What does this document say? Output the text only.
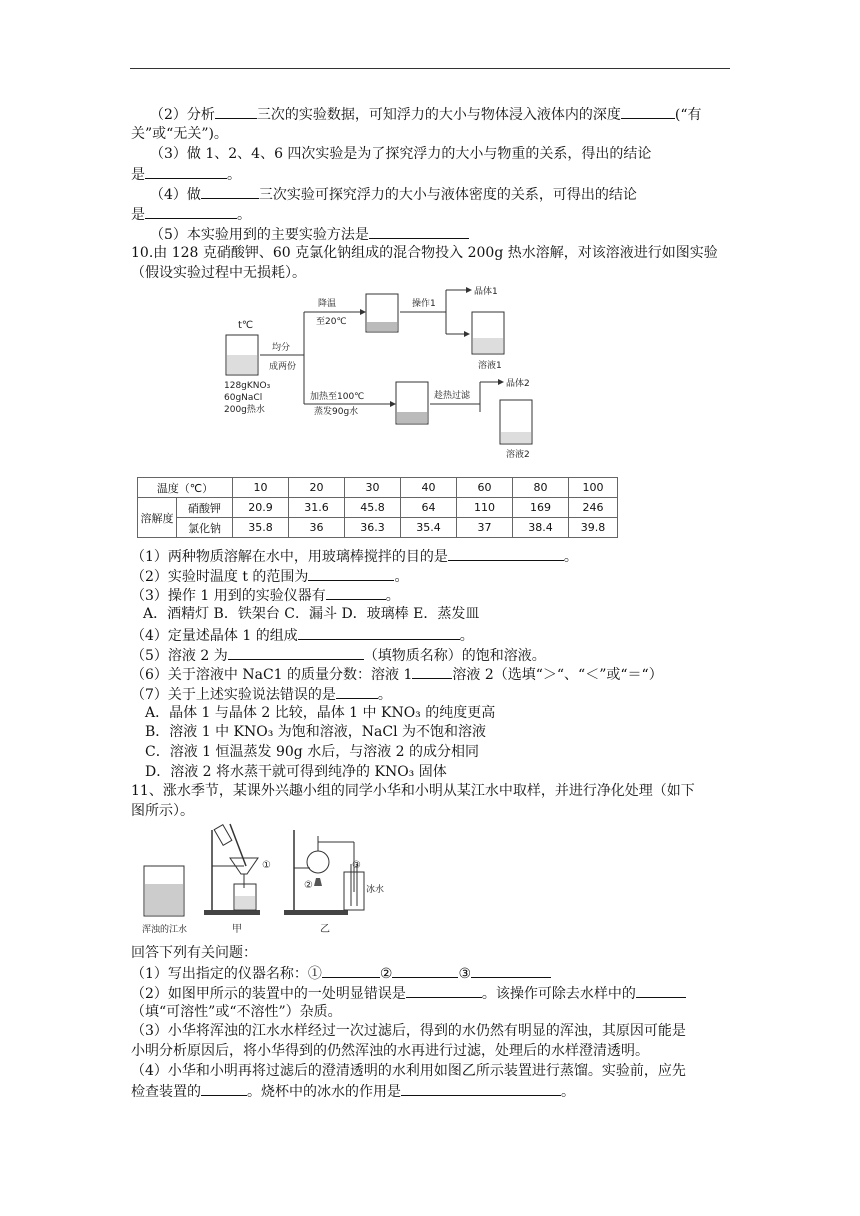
（2）分析	三次的实验数据，可知浮力的大小与物体浸入液体内的深度	(“有
关”或“无关”)。
（3）做 1、2、4、6 四次实验是为了探究浮力的大小与物重的关系，得出的结论
是	。
（4）做	三次实验可探究浮力的大小与液体密度的关系，可得出的结论
是	。
（5）本实验用到的主要实验方法是
10.由 128 克硝酸钾、60 克氯化钠组成的混合物投入 200g 热水溶解，对该溶液进行如图实验
（假设实验过程中无损耗）。
t℃
128gKNO₃
60gNaCl
200g热水
均分
成两份
降温
至20℃
操作1
晶体1
溶液1
加热至100℃
蒸发90g水
趁热过滤
晶体2
溶液2
温度（℃）		10	20	30	40	60	80	100
溶解度	硝酸钾	20.9	31.6	45.8	64	110	169	246
	氯化钠	35.8	36	36.3	35.4	37	38.4	39.8
（1）两种物质溶解在水中，用玻璃棒搅拌的目的是	。
（2）实验时温度 t 的范围为	。
（3）操作 1 用到的实验仪器有	。
A．酒精灯 B．铁架台 C．漏斗 D．玻璃棒 E．蒸发皿
（4）定量述晶体 1 的组成	。
（5）溶液 2 为	（填物质名称）的饱和溶液。
（6）关于溶液中 NaC1 的质量分数：溶液 1	溶液 2（选填“＞“、“＜”或“＝“）
（7）关于上述实验说法错误的是	。
A．晶体 1 与晶体 2 比较，晶体 1 中 KNO₃ 的纯度更高
B．溶液 1 中 KNO₃ 为饱和溶液，NaCl 为不饱和溶液
C．溶液 1 恒温蒸发 90g 水后，与溶液 2 的成分相同
D．溶液 2 将水蒸干就可得到纯净的 KNO₃ 固体
11、涨水季节，某课外兴趣小组的同学小华和小明从某江水中取样，并进行净化处理（如下
图所示）。
浑浊的江水
①
甲
②
③
冰水
乙
回答下列有关问题：
（1）写出指定的仪器名称：①	②	③
（2）如图甲所示的装置中的一处明显错误是	。该操作可除去水样中的
（填“可溶性”或“不溶性”）杂质。
（3）小华将浑浊的江水水样经过一次过滤后，得到的水仍然有明显的浑浊，其原因可能是
小明分析原因后，将小华得到的仍然浑浊的水再进行过滤，处理后的水样澄清透明。
（4）小华和小明再将过滤后的澄清透明的水利用如图乙所示装置进行蒸馏。实验前，应先
检查装置的	。烧杯中的冰水的作用是	。
